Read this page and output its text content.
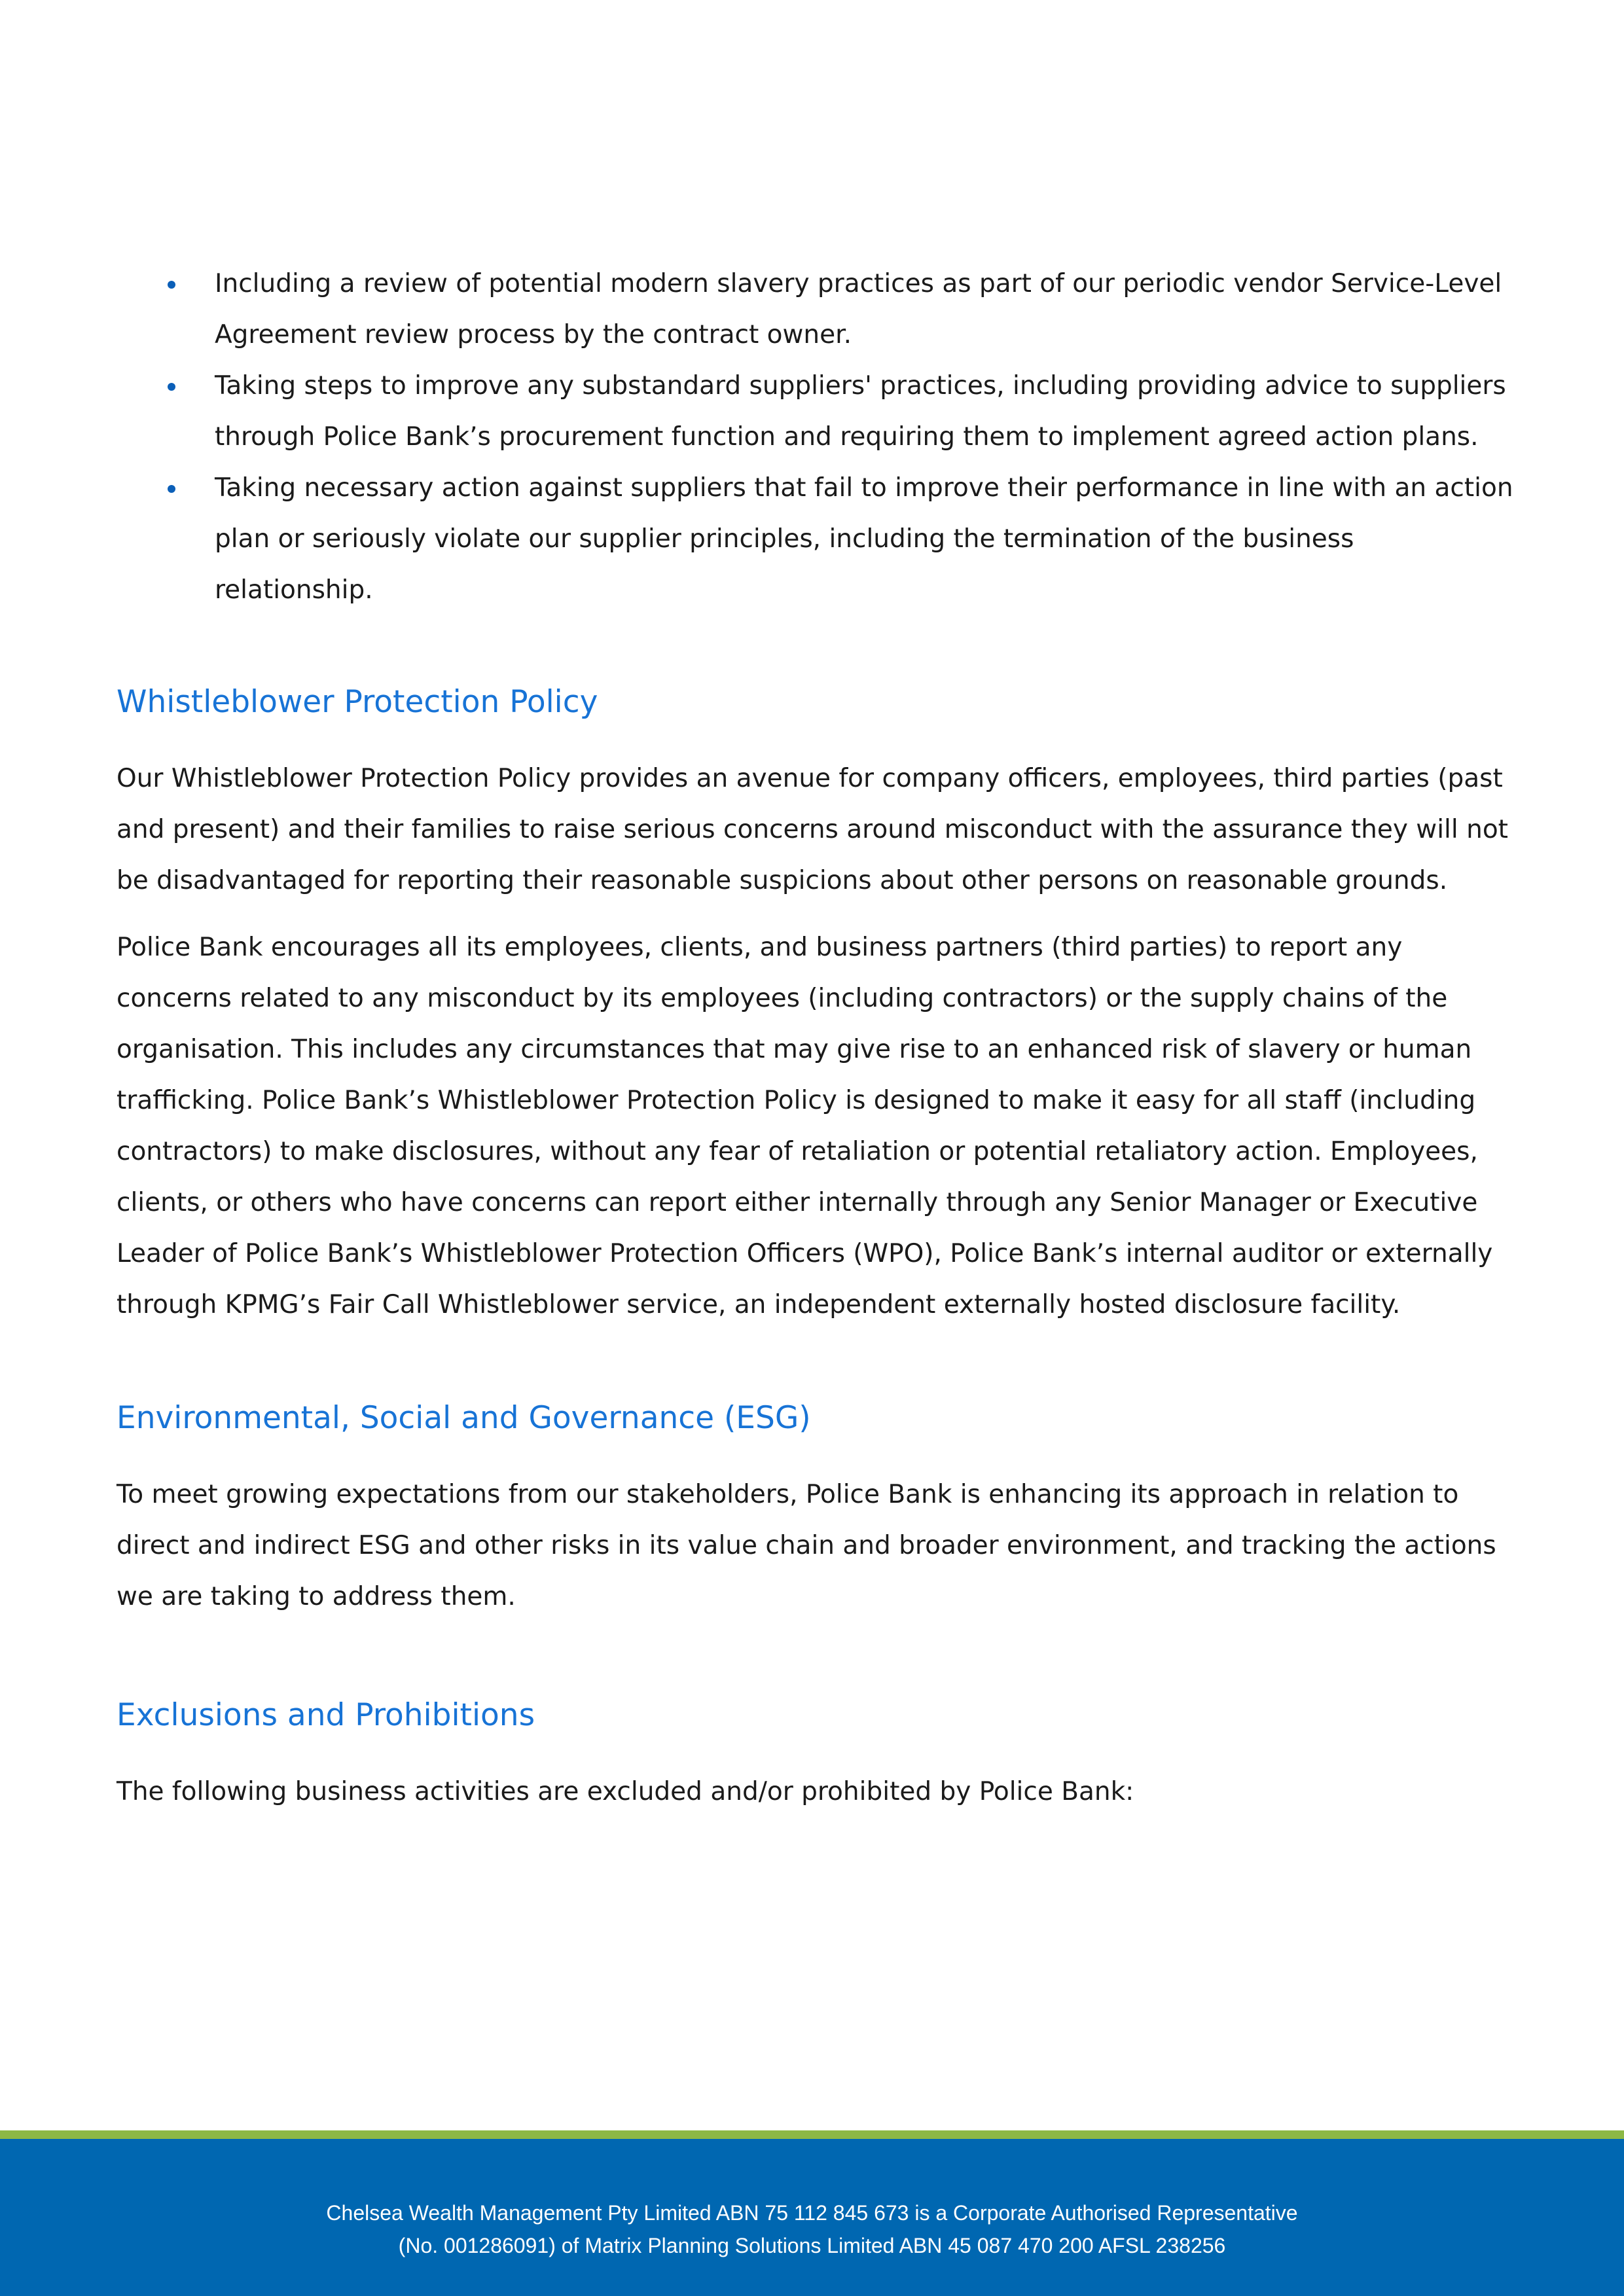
Including a review of potential modern slavery practices as part of our periodic vendor Service-Level Agreement review process by the contract owner.
Taking steps to improve any substandard suppliers' practices, including providing advice to suppliers through Police Bank’s procurement function and requiring them to implement agreed action plans.
Taking necessary action against suppliers that fail to improve their performance in line with an action plan or seriously violate our supplier principles, including the termination of the business relationship.
Whistleblower Protection Policy

Our Whistleblower Protection Policy provides an avenue for company officers, employees, third parties (past and present) and their families to raise serious concerns around misconduct with the assurance they will not be disadvantaged for reporting their reasonable suspicions about other persons on reasonable grounds.

Police Bank encourages all its employees, clients, and business partners (third parties) to report any concerns related to any misconduct by its employees (including contractors) or the supply chains of the organisation. This includes any circumstances that may give rise to an enhanced risk of slavery or human trafficking. Police Bank’s Whistleblower Protection Policy is designed to make it easy for all staff (including contractors) to make disclosures, without any fear of retaliation or potential retaliatory action. Employees, clients, or others who have concerns can report either internally through any Senior Manager or Executive Leader of Police Bank’s Whistleblower Protection Officers (WPO), Police Bank’s internal auditor or externally through KPMG’s Fair Call Whistleblower service, an independent externally hosted disclosure facility.

Environmental, Social and Governance (ESG)

To meet growing expectations from our stakeholders, Police Bank is enhancing its approach in relation to direct and indirect ESG and other risks in its value chain and broader environment, and tracking the actions we are taking to address them.

Exclusions and Prohibitions

The following business activities are excluded and/or prohibited by Police Bank:

Chelsea Wealth Management Pty Limited ABN 75 112 845 673 is a Corporate Authorised Representative
(No. 001286091) of Matrix Planning Solutions Limited ABN 45 087 470 200 AFSL 238256
